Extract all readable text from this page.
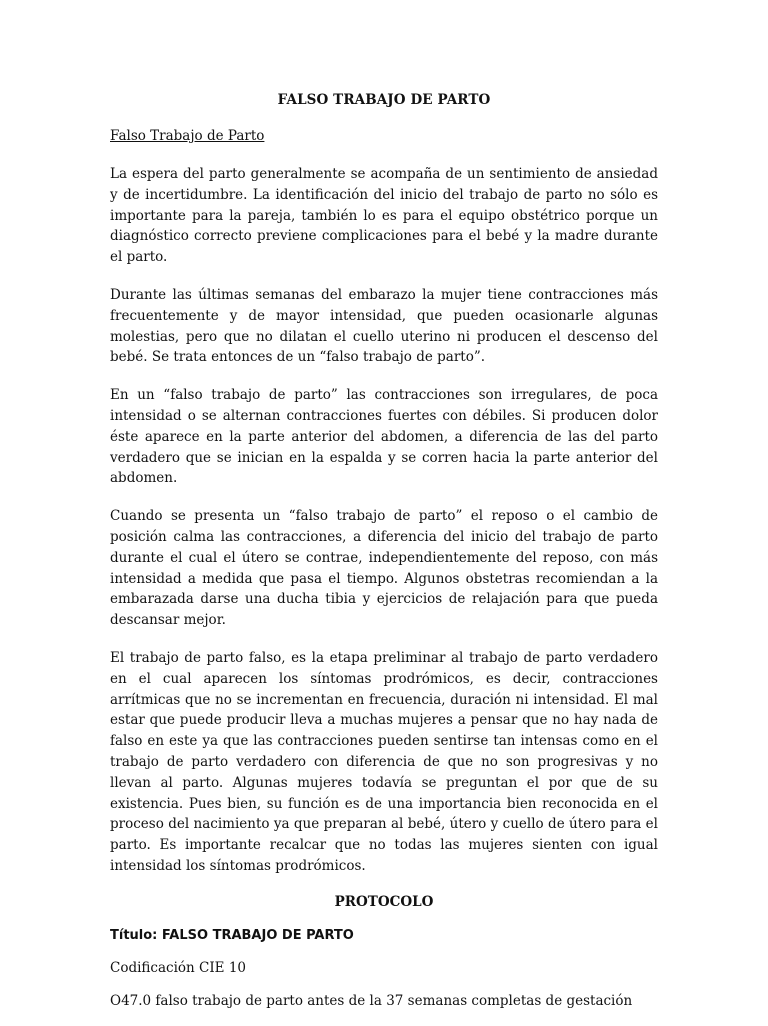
FALSO TRABAJO DE PARTO
Falso Trabajo de Parto

La espera del parto generalmente se acompaña de un sentimiento de ansiedad y de incertidumbre. La identificación del inicio del trabajo de parto no sólo es importante para la pareja, también lo es para el equipo obstétrico porque un diagnóstico correcto previene complicaciones para el bebé y la madre durante el parto.

Durante las últimas semanas del embarazo la mujer tiene contracciones más frecuentemente y de mayor intensidad, que pueden ocasionarle algunas molestias, pero que no dilatan el cuello uterino ni producen el descenso del bebé. Se trata entonces de un “falso trabajo de parto”.

En un “falso trabajo de parto” las contracciones son irregulares, de poca intensidad o se alternan contracciones fuertes con débiles. Si producen dolor éste aparece en la parte anterior del abdomen, a diferencia de las del parto verdadero que se inician en la espalda y se corren hacia la parte anterior del abdomen.

Cuando se presenta un “falso trabajo de parto” el reposo o el cambio de posición calma las contracciones, a diferencia del inicio del trabajo de parto durante el cual el útero se contrae, independientemente del reposo, con más intensidad a medida que pasa el tiempo. Algunos obstetras recomiendan a la embarazada darse una ducha tibia y ejercicios de relajación para que pueda descansar mejor.

El trabajo de parto falso, es la etapa preliminar al trabajo de parto verdadero en el cual aparecen los síntomas prodrómicos, es decir, contracciones arrítmicas que no se incrementan en frecuencia, duración ni intensidad. El mal estar que puede producir lleva a muchas mujeres a pensar que no hay nada de falso en este ya que las contracciones pueden sentirse tan intensas como en el trabajo de parto verdadero con diferencia de que no son progresivas y no llevan al parto. Algunas mujeres todavía se preguntan el por que de su existencia. Pues bien, su función es de una importancia bien reconocida en el proceso del nacimiento ya que preparan al bebé, útero y cuello de útero para el parto. Es importante recalcar que no todas las mujeres sienten con igual intensidad los síntomas prodrómicos.

PROTOCOLO
Título: FALSO TRABAJO DE PARTO
Codificación CIE 10
O47.0 falso trabajo de parto antes de la 37 semanas completas de gestación
